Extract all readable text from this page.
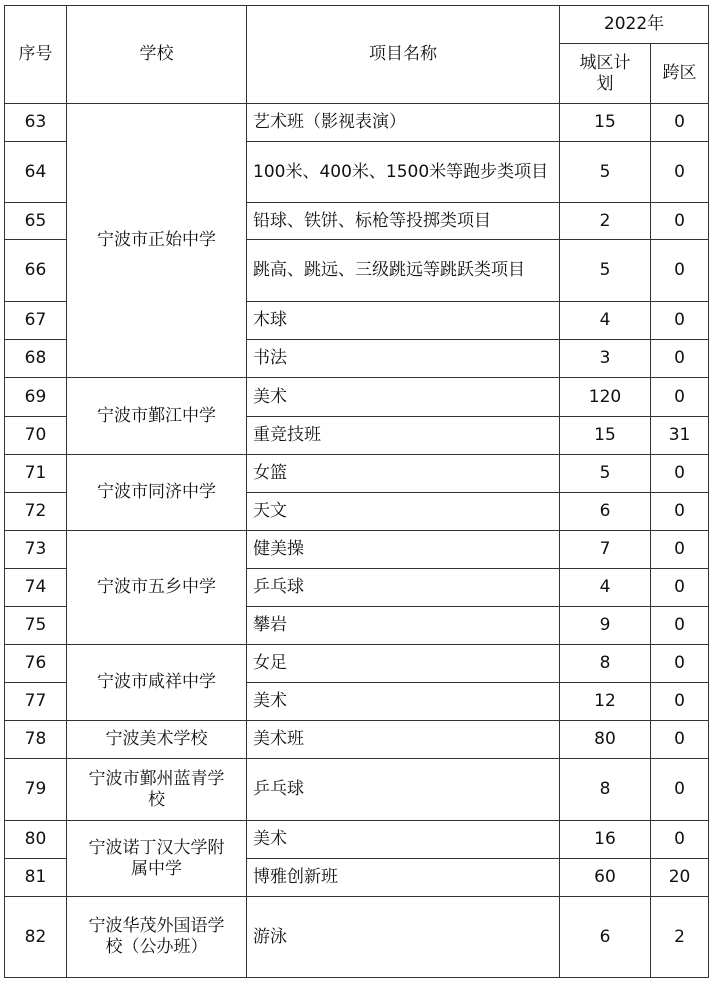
序号	学校	项目名称	2022年	
			城区计划	跨区
63	宁波市正始中学	艺术班（影视表演）	15	0
64		100米、400米、1500米等跑步类项目	5	0
65		铅球、铁饼、标枪等投掷类项目	2	0
66		跳高、跳远、三级跳远等跳跃类项目	5	0
67		木球	4	0
68		书法	3	0
69	宁波市鄞江中学	美术	120	0
70		重竞技班	15	31
71	宁波市同济中学	女篮	5	0
72		天文	6	0
73	宁波市五乡中学	健美操	7	0
74		乒乓球	4	0
75		攀岩	9	0
76	宁波市咸祥中学	女足	8	0
77		美术	12	0
78	宁波美术学校	美术班	80	0
79	宁波市鄞州蓝青学校	乒乓球	8	0
80	宁波诺丁汉大学附属中学	美术	16	0
81		博雅创新班	60	20
82	宁波华茂外国语学校（公办班）	游泳	6	2
